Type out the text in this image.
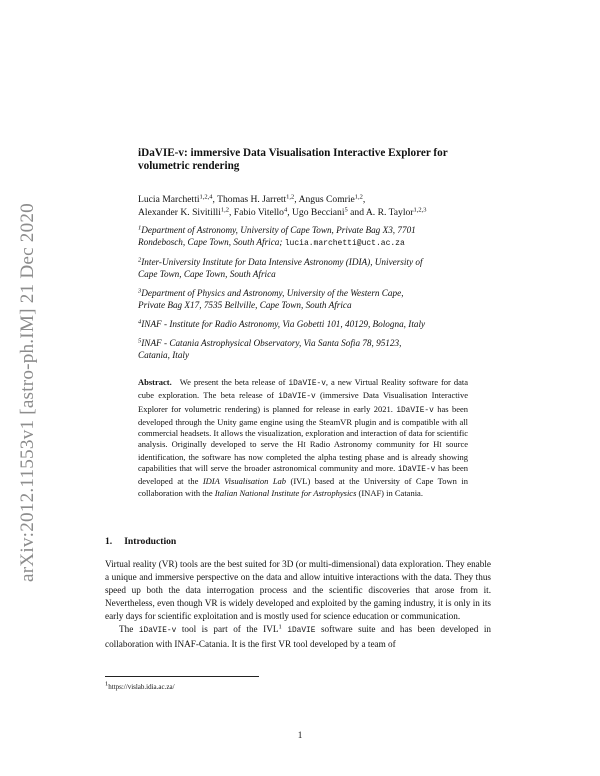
arXiv:2012.11553v1 [astro-ph.IM] 21 Dec 2020
iDaVIE-v: immersive Data Visualisation Interactive Explorer for
volumetric rendering
Lucia Marchetti$^{1,2,4}$, Thomas H. Jarrett$^{1,2}$, Angus Comrie$^{1,2}$,
Alexander K. Sivitilli$^{1,2}$, Fabio Vitello$^4$, Ugo Becciani$^5$ and A. R. Taylor$^{1,2,3}$
$^1$Department of Astronomy, University of Cape Town, Private Bag X3, 7701
Rondebosch, Cape Town, South Africa; lucia.marchetti@uct.ac.za
$^2$Inter-University Institute for Data Intensive Astronomy (IDIA), University of
Cape Town, Cape Town, South Africa
$^3$Department of Physics and Astronomy, University of the Western Cape,
Private Bag X17, 7535 Bellville, Cape Town, South Africa
$^4$INAF - Institute for Radio Astronomy, Via Gobetti 101, 40129, Bologna, Italy
$^5$INAF - Catania Astrophysical Observatory, Via Santa Sofia 78, 95123,
Catania, Italy
Abstract. We present the beta release of iDaVIE-v, a new Virtual Reality software for data cube exploration. The beta release of iDaVIE-v (immersive Data Visualisation Interactive Explorer for volumetric rendering) is planned for release in early 2021. iDaVIE-v has been developed through the Unity game engine using the SteamVR plugin and is compatible with all commercial headsets. It allows the visualization, exploration and interaction of data for scientific analysis. Originally developed to serve the HI Radio Astronomy community for HI source identification, the software has now completed the alpha testing phase and is already showing capabilities that will serve the broader astronomical community and more. iDaVIE-v has been developed at the IDIA Visualisation Lab (IVL) based at the University of Cape Town in collaboration with the Italian National Institute for Astrophysics (INAF) in Catania.
1. Introduction

Virtual reality (VR) tools are the best suited for 3D (or multi-dimensional) data exploration. They enable a unique and immersive perspective on the data and allow intuitive interactions with the data. They thus speed up both the data interrogation process and the scientific discoveries that arose from it. Nevertheless, even though VR is widely developed and exploited by the gaming industry, it is only in its early days for scientific exploitation and is mostly used for science education or communication.

The iDaVIE-v tool is part of the IVL$^1$ iDaVIE software suite and has been developed in collaboration with INAF-Catania. It is the first VR tool developed by a team of

$^1$https://vislab.idia.ac.za/
1
